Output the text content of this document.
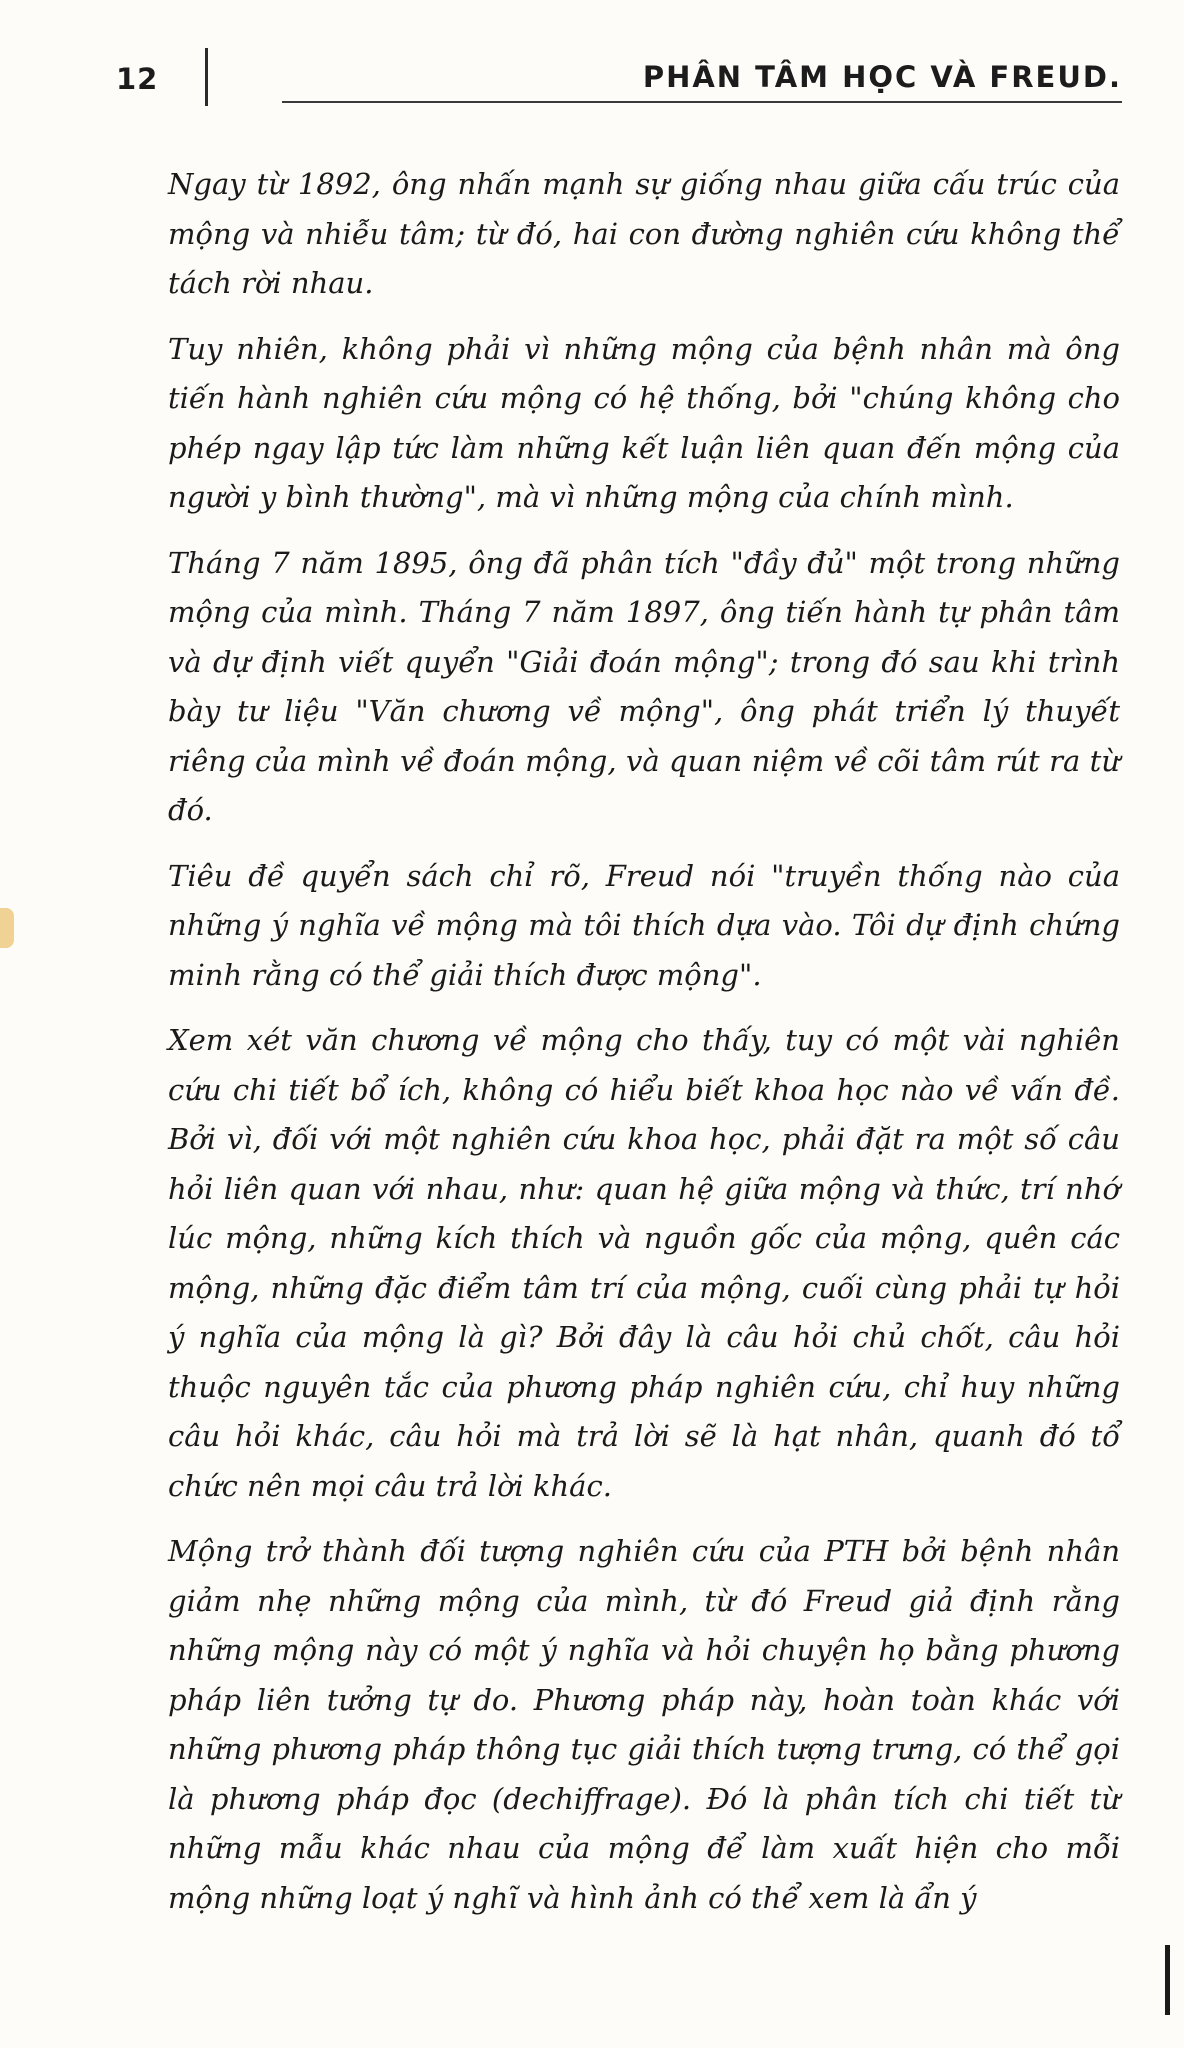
12	PHÂN TÂM HỌC VÀ FREUD.

Ngay từ 1892, ông nhấn mạnh sự giống nhau giữa cấu trúc của mộng và nhiễu tâm; từ đó, hai con đường nghiên cứu không thể tách rời nhau.

Tuy nhiên, không phải vì những mộng của bệnh nhân mà ông tiến hành nghiên cứu mộng có hệ thống, bởi "chúng không cho phép ngay lập tức làm những kết luận liên quan đến mộng của người y bình thường", mà vì những mộng của chính mình.

Tháng 7 năm 1895, ông đã phân tích "đầy đủ" một trong những mộng của mình. Tháng 7 năm 1897, ông tiến hành tự phân tâm và dự định viết quyển "Giải đoán mộng"; trong đó sau khi trình bày tư liệu "Văn chương về mộng", ông phát triển lý thuyết riêng của mình về đoán mộng, và quan niệm về cõi tâm rút ra từ đó.

Tiêu đề quyển sách chỉ rõ, Freud nói "truyền thống nào của những ý nghĩa về mộng mà tôi thích dựa vào. Tôi dự định chứng minh rằng có thể giải thích được mộng".

Xem xét văn chương về mộng cho thấy, tuy có một vài nghiên cứu chi tiết bổ ích, không có hiểu biết khoa học nào về vấn đề. Bởi vì, đối với một nghiên cứu khoa học, phải đặt ra một số câu hỏi liên quan với nhau, như: quan hệ giữa mộng và thức, trí nhớ lúc mộng, những kích thích và nguồn gốc của mộng, quên các mộng, những đặc điểm tâm trí của mộng, cuối cùng phải tự hỏi ý nghĩa của mộng là gì? Bởi đây là câu hỏi chủ chốt, câu hỏi thuộc nguyên tắc của phương pháp nghiên cứu, chỉ huy những câu hỏi khác, câu hỏi mà trả lời sẽ là hạt nhân, quanh đó tổ chức nên mọi câu trả lời khác.

Mộng trở thành đối tượng nghiên cứu của PTH bởi bệnh nhân giảm nhẹ những mộng của mình, từ đó Freud giả định rằng những mộng này có một ý nghĩa và hỏi chuyện họ bằng phương pháp liên tưởng tự do. Phương pháp này, hoàn toàn khác với những phương pháp thông tục giải thích tượng trưng, có thể gọi là phương pháp đọc (dechiffrage). Đó là phân tích chi tiết từ những mẫu khác nhau của mộng để làm xuất hiện cho mỗi mộng những loạt ý nghĩ và hình ảnh có thể xem là ẩn ý
